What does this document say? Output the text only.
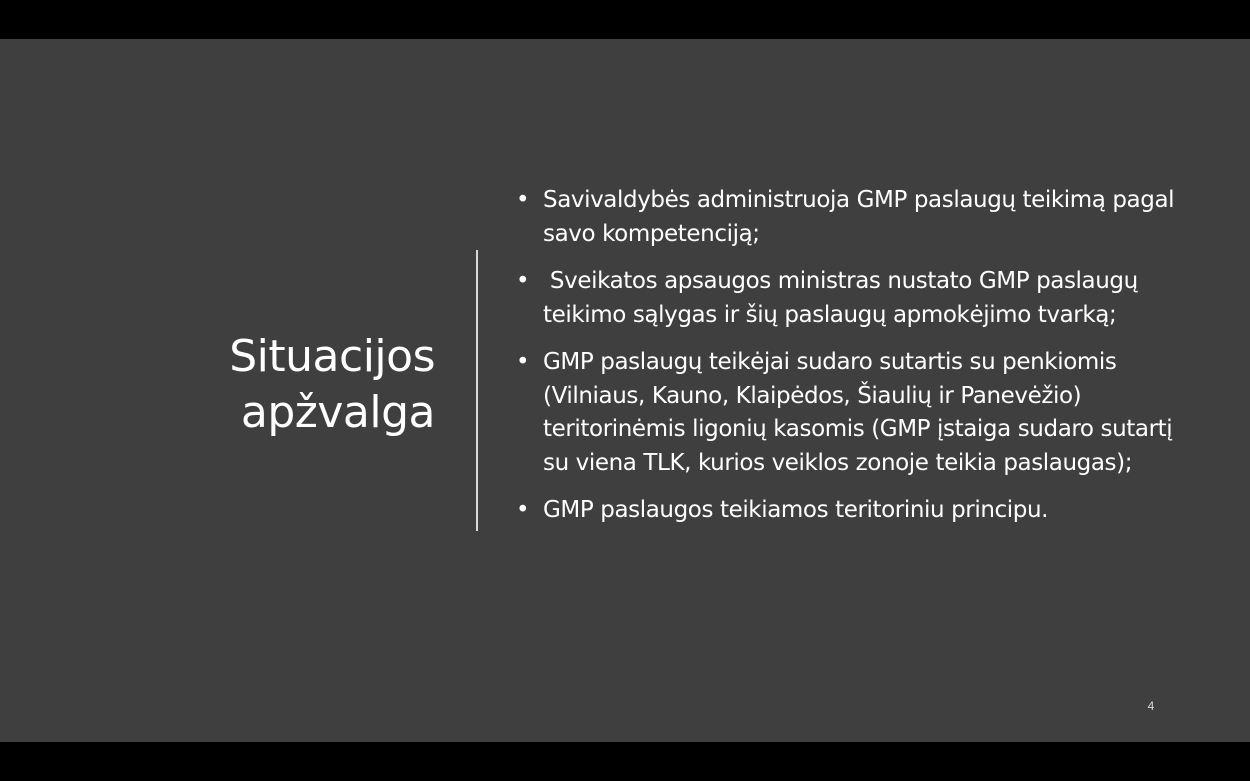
Situacijos
apžvalga
• Savivaldybės administruoja GMP paslaugų teikimą pagal savo kompetenciją;
• Sveikatos apsaugos ministras nustato GMP paslaugų teikimo sąlygas ir šių paslaugų apmokėjimo tvarką;
• GMP paslaugų teikėjai sudaro sutartis su penkiomis (Vilniaus, Kauno, Klaipėdos, Šiaulių ir Panevėžio) teritorinėmis ligonių kasomis (GMP įstaiga sudaro sutartį su viena TLK, kurios veiklos zonoje teikia paslaugas);
• GMP paslaugos teikiamos teritoriniu principu.
4
